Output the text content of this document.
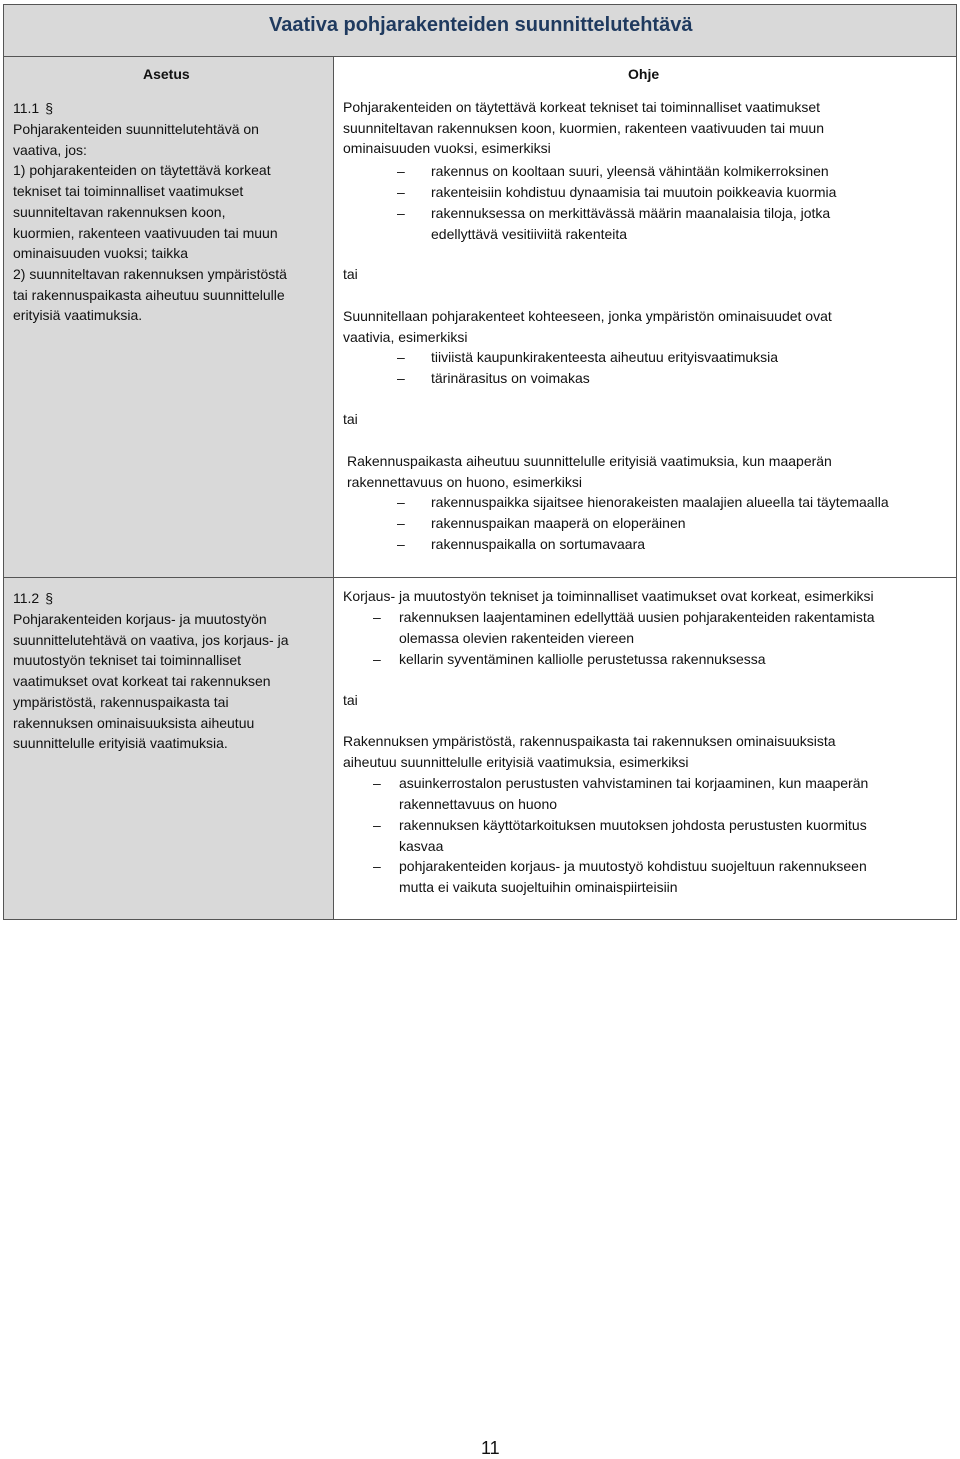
Vaativa pohjarakenteiden suunnittelutehtävä
Asetus	Ohje
11.1 §
Pohjarakenteiden suunnittelutehtävä on
vaativa, jos:
1) pohjarakenteiden on täytettävä korkeat
tekniset tai toiminnalliset vaatimukset
suunniteltavan rakennuksen koon,
kuormien, rakenteen vaativuuden tai muun
ominaisuuden vuoksi; taikka
2) suunniteltavan rakennuksen ympäristöstä
tai rakennuspaikasta aiheutuu suunnittelulle
erityisiä vaatimuksia.
Pohjarakenteiden on täytettävä korkeat tekniset tai toiminnalliset vaatimukset
suunniteltavan rakennuksen koon, kuormien, rakenteen vaativuuden tai muun
ominaisuuden vuoksi, esimerkiksi
– rakennus on kooltaan suuri, yleensä vähintään kolmikerroksinen
– rakenteisiin kohdistuu dynaamisia tai muutoin poikkeavia kuormia
– rakennuksessa on merkittävässä määrin maanalaisia tiloja, jotka
edellyttävä vesitiiviitä rakenteita
tai
Suunnitellaan pohjarakenteet kohteeseen, jonka ympäristön ominaisuudet ovat
vaativia, esimerkiksi
– tiiviistä kaupunkirakenteesta aiheutuu erityisvaatimuksia
– tärinärasitus on voimakas
tai
Rakennuspaikasta aiheutuu suunnittelulle erityisiä vaatimuksia, kun maaperän
rakennettavuus on huono, esimerkiksi
– rakennuspaikka sijaitsee hienorakeisten maalajien alueella tai täytemaalla
– rakennuspaikan maaperä on eloperäinen
– rakennuspaikalla on sortumavaara
11.2 §
Pohjarakenteiden korjaus- ja muutostyön
suunnittelutehtävä on vaativa, jos korjaus- ja
muutostyön tekniset tai toiminnalliset
vaatimukset ovat korkeat tai rakennuksen
ympäristöstä, rakennuspaikasta tai
rakennuksen ominaisuuksista aiheutuu
suunnittelulle erityisiä vaatimuksia.
Korjaus- ja muutostyön tekniset ja toiminnalliset vaatimukset ovat korkeat, esimerkiksi
– rakennuksen laajentaminen edellyttää uusien pohjarakenteiden rakentamista
olemassa olevien rakenteiden viereen
– kellarin syventäminen kalliolle perustetussa rakennuksessa
tai
Rakennuksen ympäristöstä, rakennuspaikasta tai rakennuksen ominaisuuksista
aiheutuu suunnittelulle erityisiä vaatimuksia, esimerkiksi
– asuinkerrostalon perustusten vahvistaminen tai korjaaminen, kun maaperän
rakennettavuus on huono
– rakennuksen käyttötarkoituksen muutoksen johdosta perustusten kuormitus
kasvaa
– pohjarakenteiden korjaus- ja muutostyö kohdistuu suojeltuun rakennukseen
mutta ei vaikuta suojeltuihin ominaispiirteisiin
11
